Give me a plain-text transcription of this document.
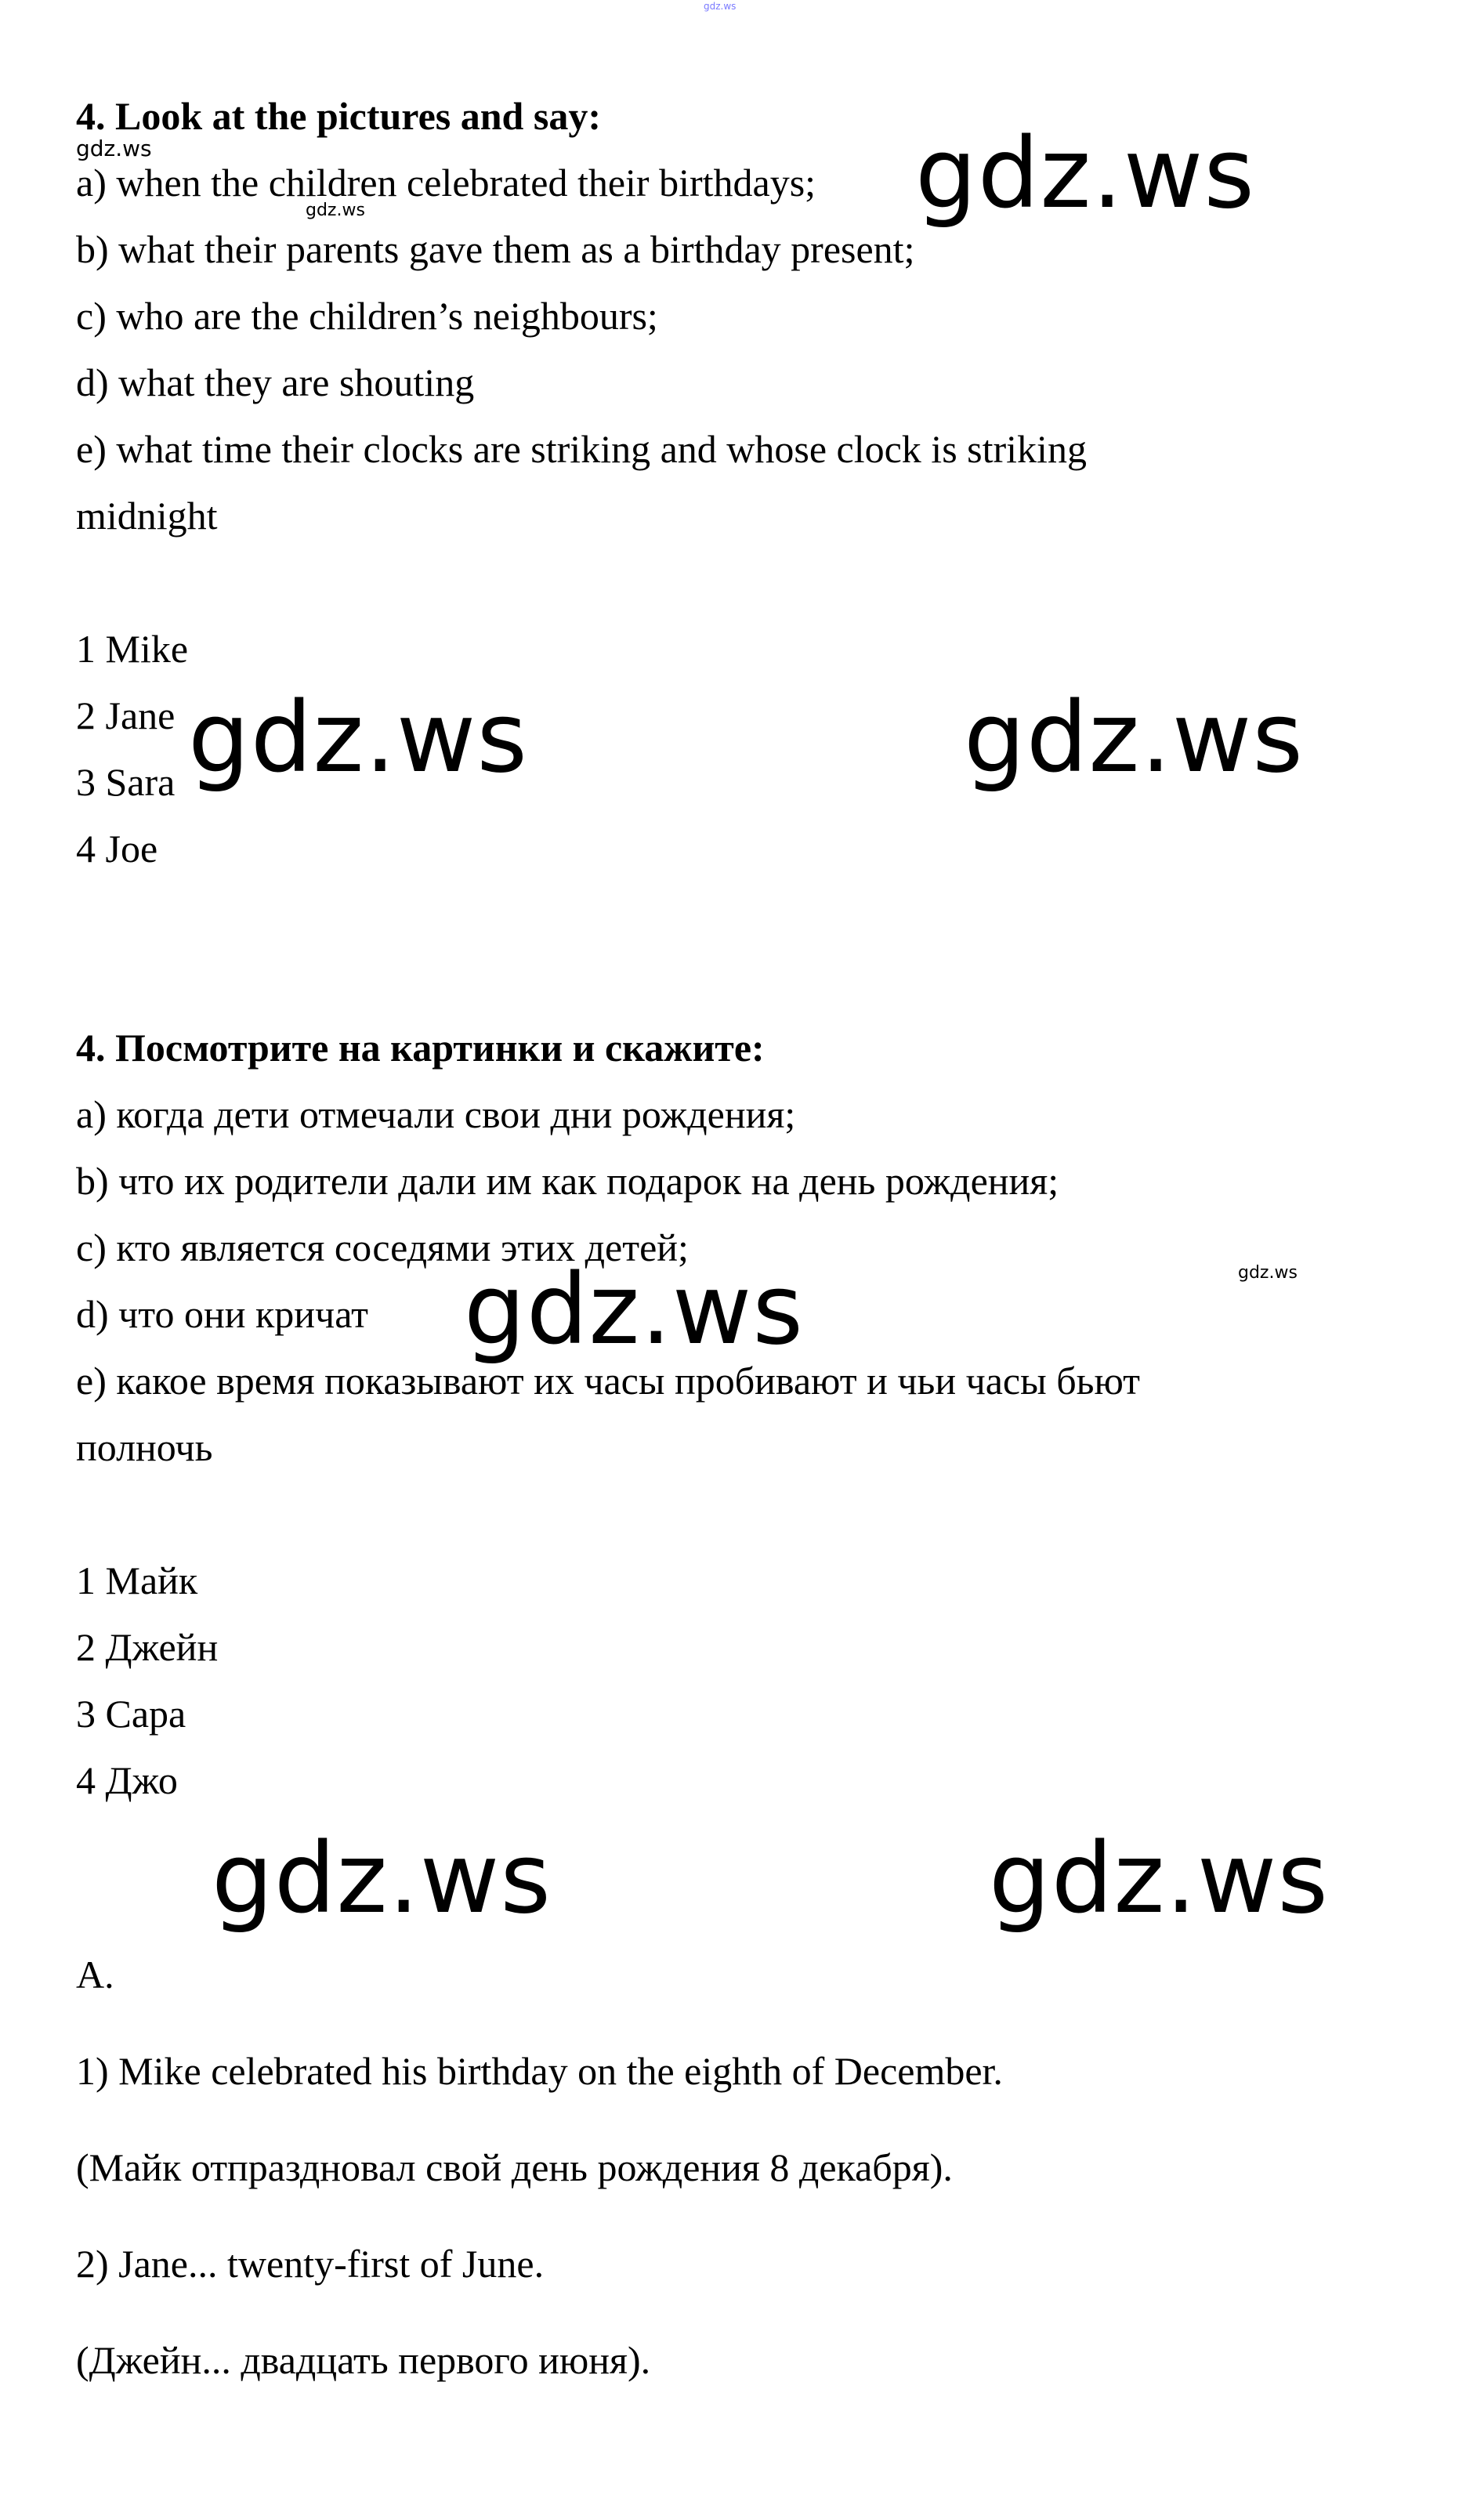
gdz.ws
4. Look at the pictures and say:
gdz.ws
a) when the children celebrated their birthdays;
gdz.ws
b) what their parents gave them as a birthday present;
c) who are the children’s neighbours;
d) what they are shouting
e) what time their clocks are striking and whose clock is striking
midnight
1 Mike
2 Jane
3 Sara
4 Joe
gdz.ws
gdz.ws	gdz.ws
4. Посмотрите на картинки и скажите:
а) когда дети отмечали свои дни рождения;
b) что их родители дали им как подарок на день рождения;
c) кто является соседями этих детей;
gdz.ws
d) что они кричат gdz.ws
e) какое время показывают их часы пробивают и чьи часы бьют
полночь
1 Майк
2 Джейн
3 Сара
4 Джо
gdz.ws	gdz.ws
A.
1) Mike celebrated his birthday on the eighth of December.
(Майк отпраздновал свой день рождения 8 декабря).
2) Jane... twenty-first of June.
(Джейн... двадцать первого июня).
